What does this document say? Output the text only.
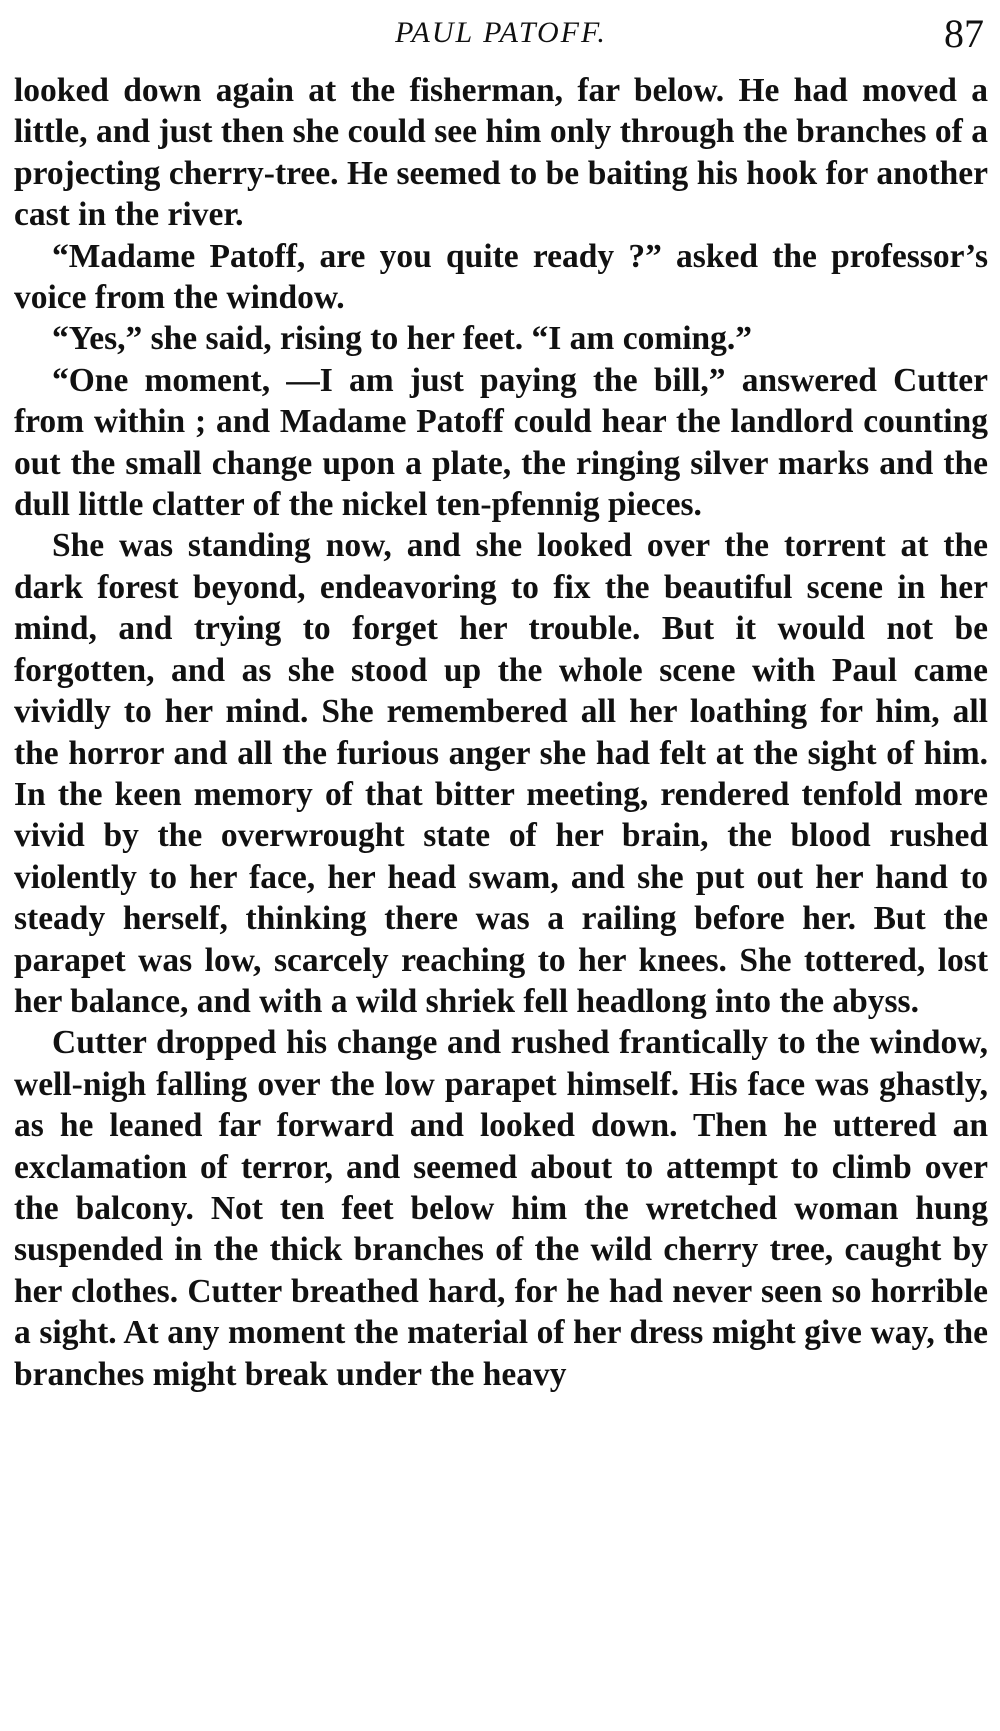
PAUL PATOFF.	87

looked down again at the fisherman, far below. He had moved a little, and just then she could see him only through the branches of a projecting cherry-tree. He seemed to be baiting his hook for another cast in the river.

“Madame Patoff, are you quite ready ?” asked the professor’s voice from the window.

“Yes,” she said, rising to her feet. “I am coming.”

“One moment, —I am just paying the bill,” answered Cutter from within ; and Madame Patoff could hear the landlord counting out the small change upon a plate, the ringing silver marks and the dull little clatter of the nickel ten-pfennig pieces.

She was standing now, and she looked over the torrent at the dark forest beyond, endeavoring to fix the beautiful scene in her mind, and trying to forget her trouble. But it would not be forgotten, and as she stood up the whole scene with Paul came vividly to her mind. She remembered all her loathing for him, all the horror and all the furious anger she had felt at the sight of him. In the keen memory of that bitter meeting, rendered tenfold more vivid by the overwrought state of her brain, the blood rushed violently to her face, her head swam, and she put out her hand to steady herself, thinking there was a railing before her. But the parapet was low, scarcely reaching to her knees. She tottered, lost her balance, and with a wild shriek fell headlong into the abyss.

Cutter dropped his change and rushed frantically to the window, well-nigh falling over the low parapet himself. His face was ghastly, as he leaned far forward and looked down. Then he uttered an exclamation of terror, and seemed about to attempt to climb over the balcony. Not ten feet below him the wretched woman hung suspended in the thick branches of the wild cherry tree, caught by her clothes. Cutter breathed hard, for he had never seen so horrible a sight. At any moment the material of her dress might give way, the branches might break under the heavy
